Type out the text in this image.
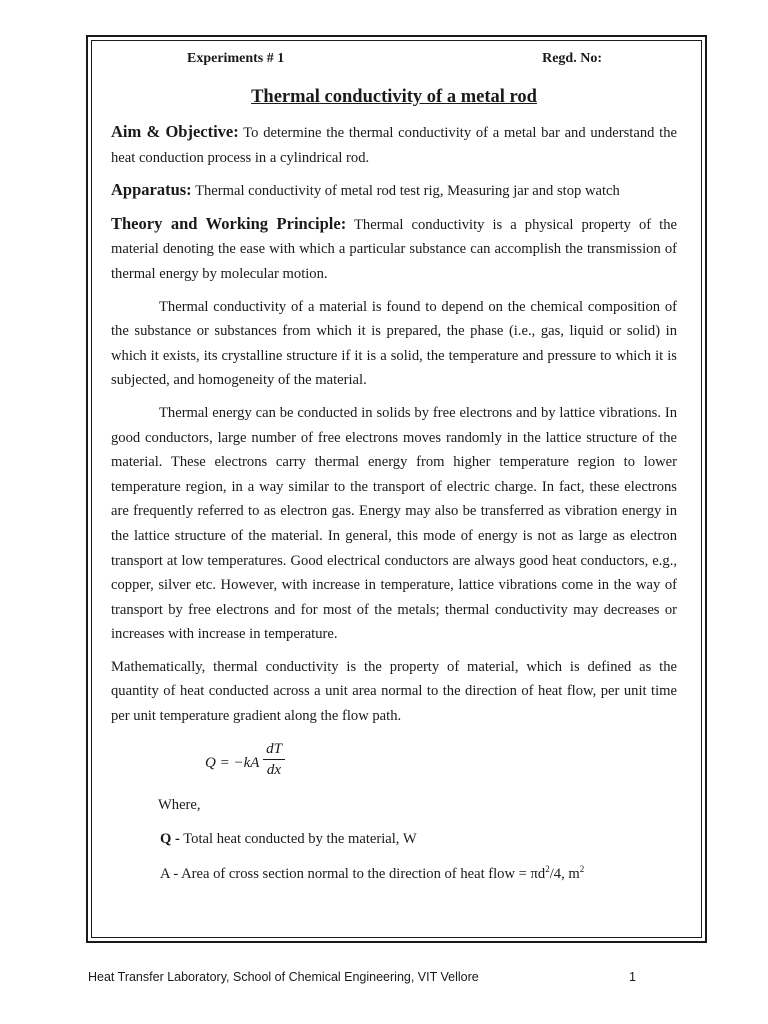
Experiments # 1	Regd. No:
Thermal conductivity of a metal rod

Aim & Objective: To determine the thermal conductivity of a metal bar and understand the heat conduction process in a cylindrical rod.

Apparatus: Thermal conductivity of metal rod test rig, Measuring jar and stop watch

Theory and Working Principle: Thermal conductivity is a physical property of the material denoting the ease with which a particular substance can accomplish the transmission of thermal energy by molecular motion.

Thermal conductivity of a material is found to depend on the chemical composition of the substance or substances from which it is prepared, the phase (i.e., gas, liquid or solid) in which it exists, its crystalline structure if it is a solid, the temperature and pressure to which it is subjected, and homogeneity of the material.

Thermal energy can be conducted in solids by free electrons and by lattice vibrations. In good conductors, large number of free electrons moves randomly in the lattice structure of the material. These electrons carry thermal energy from higher temperature region to lower temperature region, in a way similar to the transport of electric charge. In fact, these electrons are frequently referred to as electron gas. Energy may also be transferred as vibration energy in the lattice structure of the material. In general, this mode of energy is not as large as electron transport at low temperatures. Good electrical conductors are always good heat conductors, e.g., copper, silver etc. However, with increase in temperature, lattice vibrations come in the way of transport by free electrons and for most of the metals; thermal conductivity may decreases or increases with increase in temperature.

Mathematically, thermal conductivity is the property of material, which is defined as the quantity of heat conducted across a unit area normal to the direction of heat flow, per unit time per unit temperature gradient along the flow path.

Q = −kA
dT
dx

Where,

Q - Total heat conducted by the material, W

A - Area of cross section normal to the direction of heat flow = $\pi d^2/4$, $m^2$

Heat Transfer Laboratory, School of Chemical Engineering, VIT Vellore	1
